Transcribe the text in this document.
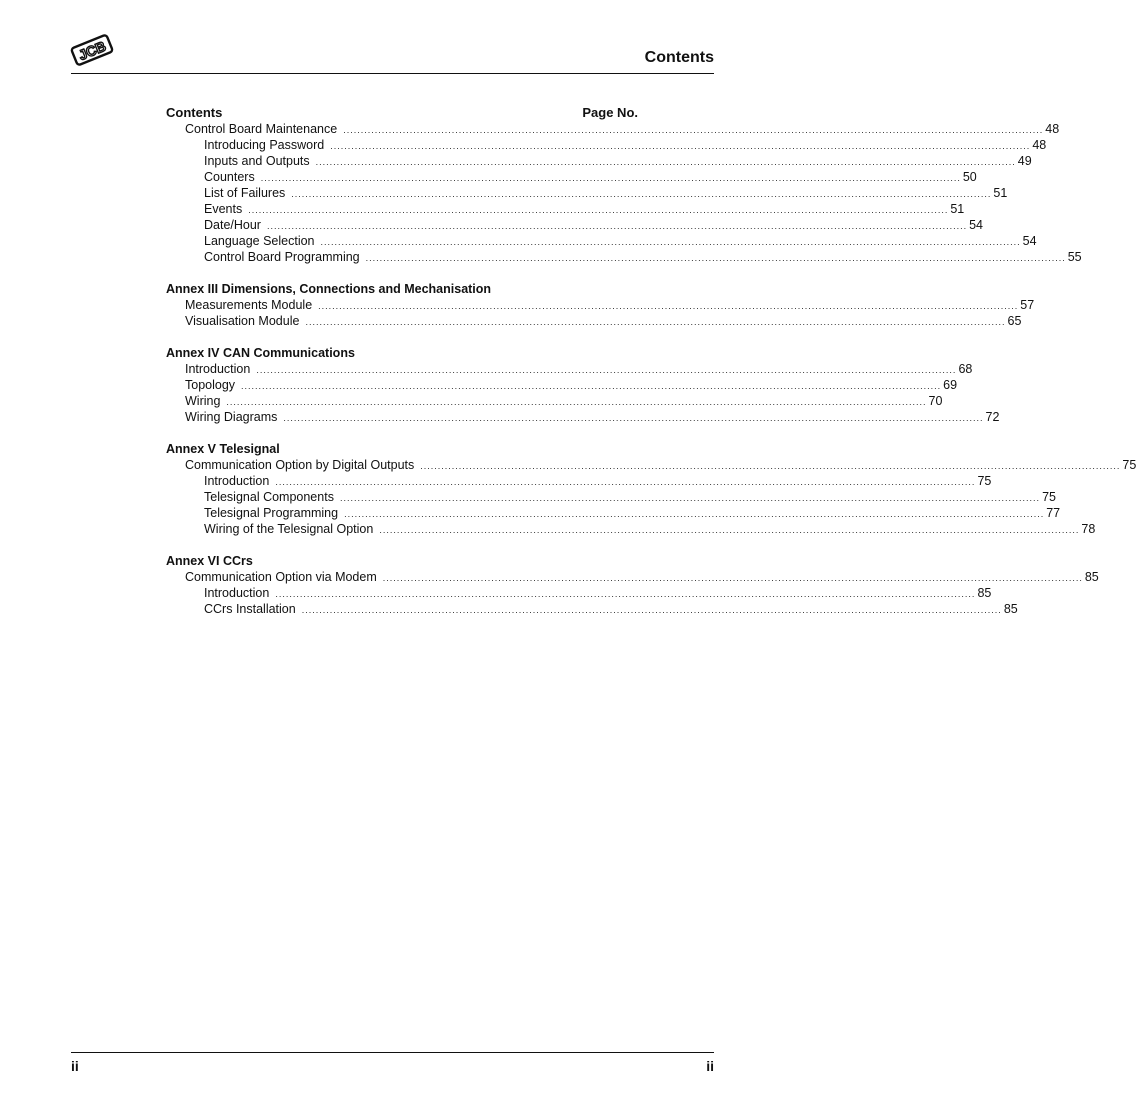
JCB	Contents
Contents	Page No.
Control Board Maintenance ........................................................................................................................................................................................................ 48
Introducing Password ........................................................................................................................................................................................................ 48
Inputs and Outputs ........................................................................................................................................................................................................ 49
Counters ........................................................................................................................................................................................................ 50
List of Failures ........................................................................................................................................................................................................ 51
Events ........................................................................................................................................................................................................ 51
Date/Hour ........................................................................................................................................................................................................ 54
Language Selection ........................................................................................................................................................................................................ 54
Control Board Programming ........................................................................................................................................................................................................ 55
Annex III Dimensions, Connections and Mechanisation
Measurements Module ........................................................................................................................................................................................................ 57
Visualisation Module ........................................................................................................................................................................................................ 65
Annex IV CAN Communications
Introduction ........................................................................................................................................................................................................ 68
Topology ........................................................................................................................................................................................................ 69
Wiring ........................................................................................................................................................................................................ 70
Wiring Diagrams ........................................................................................................................................................................................................ 72
Annex V Telesignal
Communication Option by Digital Outputs ........................................................................................................................................................................................................ 75
Introduction ........................................................................................................................................................................................................ 75
Telesignal Components ........................................................................................................................................................................................................ 75
Telesignal Programming ........................................................................................................................................................................................................ 77
Wiring of the Telesignal Option ........................................................................................................................................................................................................ 78
Annex VI CCrs
Communication Option via Modem ........................................................................................................................................................................................................ 85
Introduction ........................................................................................................................................................................................................ 85
CCrs Installation ........................................................................................................................................................................................................ 85
ii	ii
